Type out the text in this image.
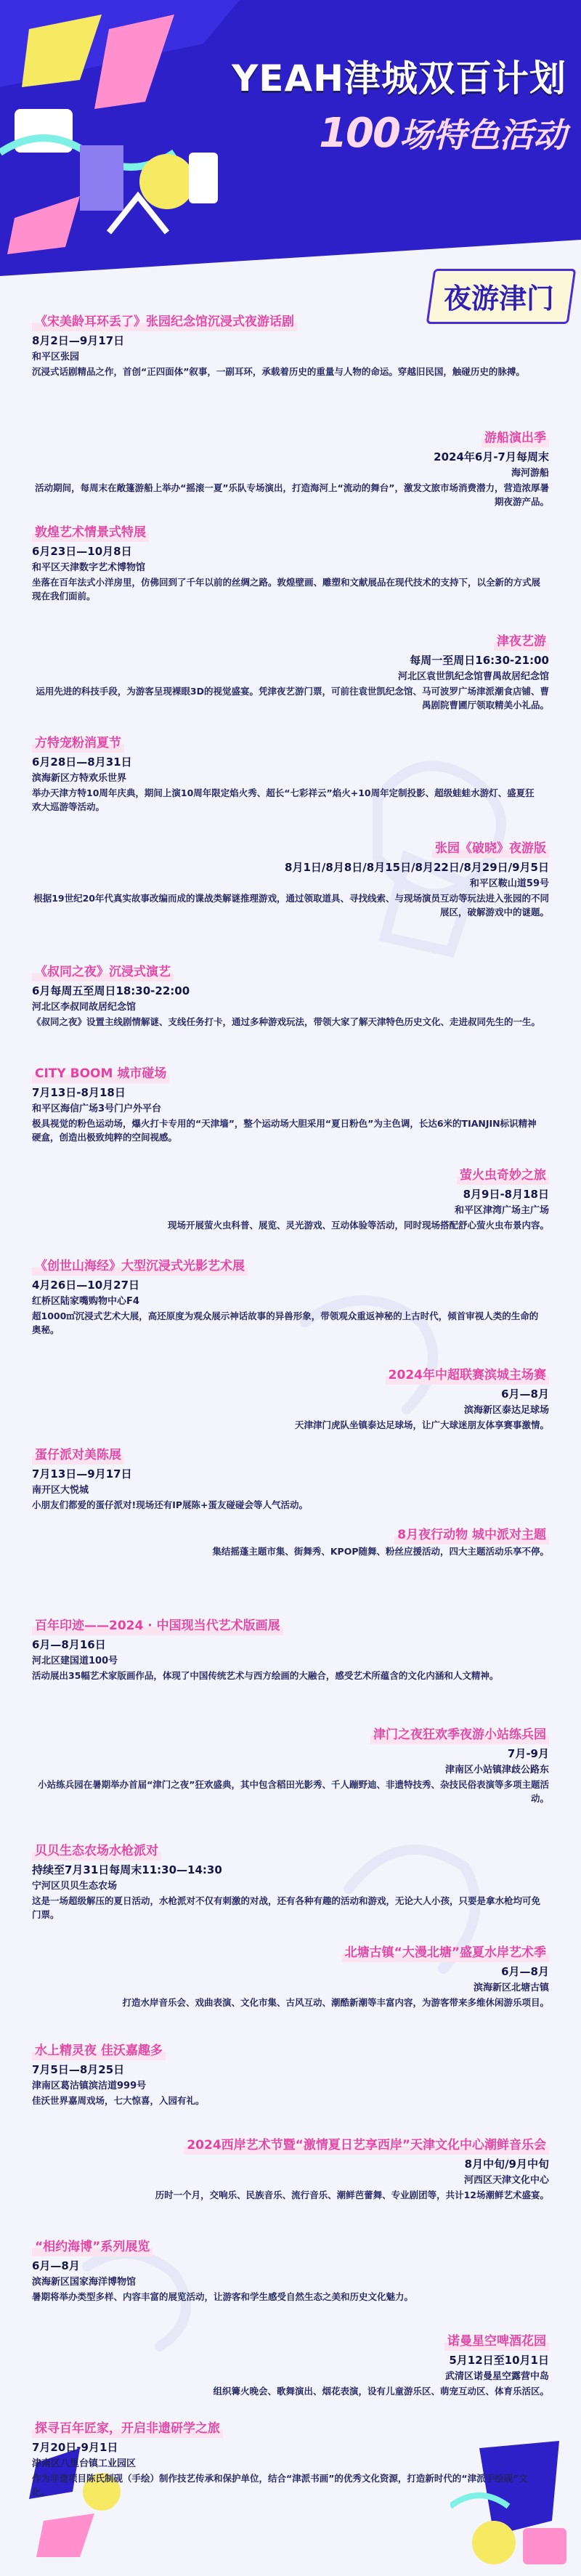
YEAH津城双百计划
100场特色活动
夜游津门
《宋美龄耳环丢了》张园纪念馆沉浸式夜游话剧
8月2日—9月17日
和平区张园
沉浸式话剧精品之作，首创“正四面体”叙事，一副耳环，承载着历史的重量与人物的命运。穿越旧民国，触碰历史的脉搏。
游船演出季
2024年6月-7月每周末
海河游船
活动期间，每周末在敞篷游船上举办“摇滚一夏”乐队专场演出，打造海河上“流动的舞台”，激发文旅市场消费潜力，营造浓厚暑期夜游产品。
敦煌艺术情景式特展
6月23日—10月8日
和平区天津数字艺术博物馆
坐落在百年法式小洋房里，仿佛回到了千年以前的丝绸之路。敦煌壁画、雕塑和文献展品在现代技术的支持下，以全新的方式展现在我们面前。
津夜艺游
每周一至周日16:30-21:00
河北区袁世凯纪念馆曹禺故居纪念馆
运用先进的科技手段，为游客呈现裸眼3D的视觉盛宴。凭津夜艺游门票，可前往袁世凯纪念馆、马可波罗广场津派潮食店铺、曹禺剧院曹圃厅领取精美小礼品。
方特宠粉消夏节
6月28日—8月31日
滨海新区方特欢乐世界
举办天津方特10周年庆典，期间上演10周年限定焰火秀、超长“七彩祥云”焰火+10周年定制投影、超级蛙蛙水游灯、盛夏狂欢大巡游等活动。
张园《破晓》夜游版
8月1日/8月8日/8月15日/8月22日/8月29日/9月5日
和平区鞍山道59号
根据19世纪20年代真实故事改编而成的谍战类解谜推理游戏，通过领取道具、寻找线索、与现场演员互动等玩法进入张园的不同展区，破解游戏中的谜题。
《叔同之夜》沉浸式演艺
6月每周五至周日18:30-22:00
河北区李叔同故居纪念馆
《叔同之夜》设置主线剧情解谜、支线任务打卡，通过多种游戏玩法，带领大家了解天津特色历史文化、走进叔同先生的一生。
CITY BOOM 城市碰场
7月13日-8月18日
和平区海信广场3号门户外平台
极具视觉的粉色运动场，爆火打卡专用的“天津墙”，整个运动场大胆采用“夏日粉色”为主色调，长达6米的TIANJIN标识精神硬盒，创造出极致纯粹的空间视感。
萤火虫奇妙之旅
8月9日-8月18日
和平区津湾广场主广场
现场开展萤火虫科普、展览、灵光游戏、互动体验等活动，同时现场搭配舒心萤火虫布景内容。
《创世山海经》大型沉浸式光影艺术展
4月26日—10月27日
红桥区陆家嘴购物中心F4
超1000㎡沉浸式艺术大展，高还原度为观众展示神话故事的异兽形象，带领观众重返神秘的上古时代，倾首审视人类的生命的奥秘。
2024年中超联赛滨城主场赛
6月—8月
滨海新区泰达足球场
天津津门虎队坐镇泰达足球场，让广大球迷朋友体享赛事激情。
蛋仔派对美陈展
7月13日—9月17日
南开区大悦城
小朋友们都爱的蛋仔派对!现场还有IP展陈+蛋友碰碰会等人气活动。
8月夜行动物 城中派对主题
集结摇蓬主题市集、街舞秀、KPOP随舞、粉丝应援活动，四大主题活动乐享不停。
百年印迹——2024 · 中国现当代艺术版画展
6月—8月16日
河北区建国道100号
活动展出35幅艺术家版画作品，体现了中国传统艺术与西方绘画的大融合，感受艺术所蕴含的文化内涵和人文精神。
津门之夜狂欢季夜游小站练兵园
7月-9月
津南区小站镇津歧公路东
小站练兵园在暑期举办首届“津门之夜”狂欢盛典，其中包含稻田光影秀、千人蹦野迪、非遗特技秀、杂技民俗表演等多项主题活动。
贝贝生态农场水枪派对
持续至7月31日每周末11:30—14:30
宁河区贝贝生态农场
这是一场超级解压的夏日活动，水枪派对不仅有刺激的对战，还有各种有趣的活动和游戏，无论大人小孩，只要是拿水枪均可免门票。
北塘古镇“大漫北塘”盛夏水岸艺术季
6月—8月
滨海新区北塘古镇
打造水岸音乐会、戏曲表演、文化市集、古风互动、潮酷新潮等丰富内容，为游客带来多维休闲游乐项目。
水上精灵夜 佳沃嘉趣多
7月5日—8月25日
津南区葛沽镇滨洁道999号
佳沃世界嘉周戏场，七大惊喜，入园有礼。
2024西岸艺术节暨“激情夏日艺享西岸”天津文化中心潮鲜音乐会
8月中旬/9月中旬
河西区天津文化中心
历时一个月，交响乐、民族音乐、流行音乐、潮鲜芭蕾舞、专业剧团等，共计12场潮鲜艺术盛宴。
“相约海博”系列展览
6月—8月
滨海新区国家海洋博物馆
暑期将举办类型多样、内容丰富的展览活动，让游客和学生感受自然生态之美和历史文化魅力。
诺曼星空啤酒花园
5月12日至10月1日
武清区诺曼星空露营中岛
组织篝火晚会、歌舞演出、烟花表演，设有儿童游乐区、萌宠互动区、体育乐活区。
探寻百年匠家，开启非遗研学之旅
7月20日-9月1日
津南区八里台镇工业园区
作为非遗项目陈氏制砚（手绘）制作技艺传承和保护单位，结合“津派书画”的优秀文化资源，打造新时代的“津派手绘砚”文化。
